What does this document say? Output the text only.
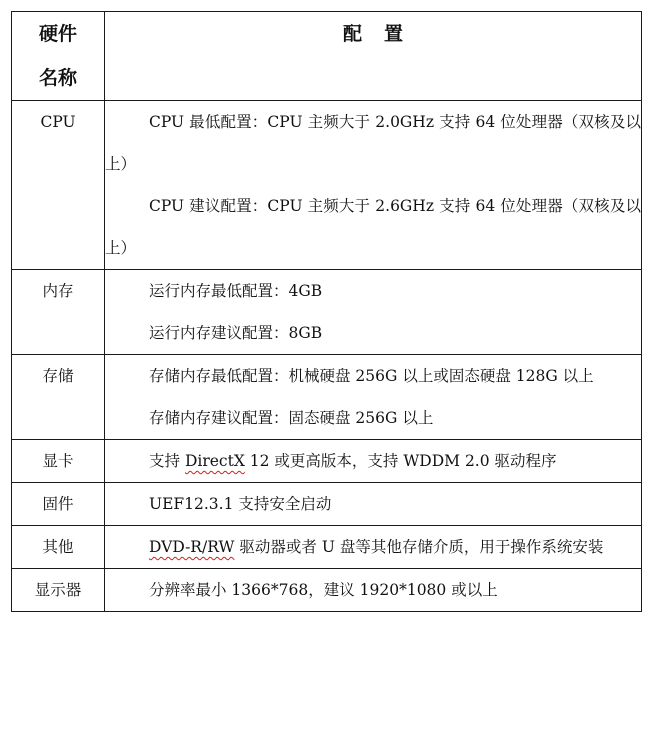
硬件
名称	配 置
CPU	CPU 最低配置：CPU 主频大于 2.0GHz 支持 64 位处理器（双核及以上）

CPU 建议配置：CPU 主频大于 2.6GHz 支持 64 位处理器（双核及以上）

内存	运行内存最低配置：4GB

运行内存建议配置：8GB

存储	存储内存最低配置：机械硬盘 256G 以上或固态硬盘 128G 以上

存储内存建议配置：固态硬盘 256G 以上

显卡	支持 DirectX 12 或更高版本，支持 WDDM 2.0 驱动程序

固件	UEF12.3.1 支持安全启动

其他	DVD-R/RW 驱动器或者 U 盘等其他存储介质，用于操作系统安装

显示器	分辨率最小 1366*768，建议 1920*1080 或以上
